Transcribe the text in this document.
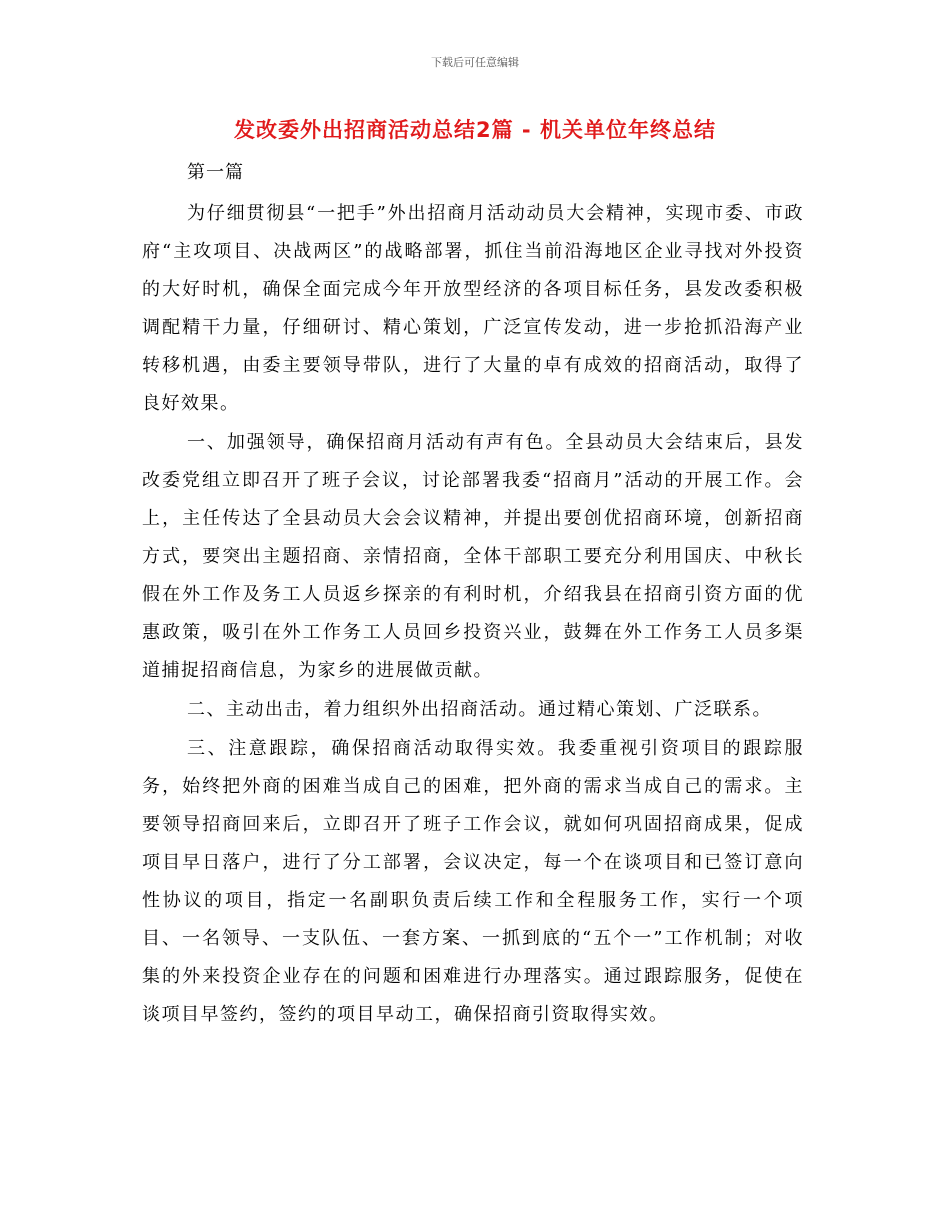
下载后可任意编辑
发改委外出招商活动总结2篇 - 机关单位年终总结

第一篇

为仔细贯彻县“一把手”外出招商月活动动员大会精神，实现市委、市政府“主攻项目、决战两区”的战略部署，抓住当前沿海地区企业寻找对外投资的大好时机，确保全面完成今年开放型经济的各项目标任务，县发改委积极调配精干力量，仔细研讨、精心策划，广泛宣传发动，进一步抢抓沿海产业转移机遇，由委主要领导带队，进行了大量的卓有成效的招商活动，取得了良好效果。

一、加强领导，确保招商月活动有声有色。全县动员大会结束后，县发改委党组立即召开了班子会议，讨论部署我委“招商月”活动的开展工作。会上，主任传达了全县动员大会会议精神，并提出要创优招商环境，创新招商方式，要突出主题招商、亲情招商，全体干部职工要充分利用国庆、中秋长假在外工作及务工人员返乡探亲的有利时机，介绍我县在招商引资方面的优惠政策，吸引在外工作务工人员回乡投资兴业，鼓舞在外工作务工人员多渠道捕捉招商信息，为家乡的进展做贡献。

二、主动出击，着力组织外出招商活动。通过精心策划、广泛联系。

三、注意跟踪，确保招商活动取得实效。我委重视引资项目的跟踪服务，始终把外商的困难当成自己的困难，把外商的需求当成自己的需求。主要领导招商回来后，立即召开了班子工作会议，就如何巩固招商成果，促成项目早日落户，进行了分工部署，会议决定，每一个在谈项目和已签订意向性协议的项目，指定一名副职负责后续工作和全程服务工作，实行一个项目、一名领导、一支队伍、一套方案、一抓到底的“五个一”工作机制；对收集的外来投资企业存在的问题和困难进行办理落实。通过跟踪服务，促使在谈项目早签约，签约的项目早动工，确保招商引资取得实效。
